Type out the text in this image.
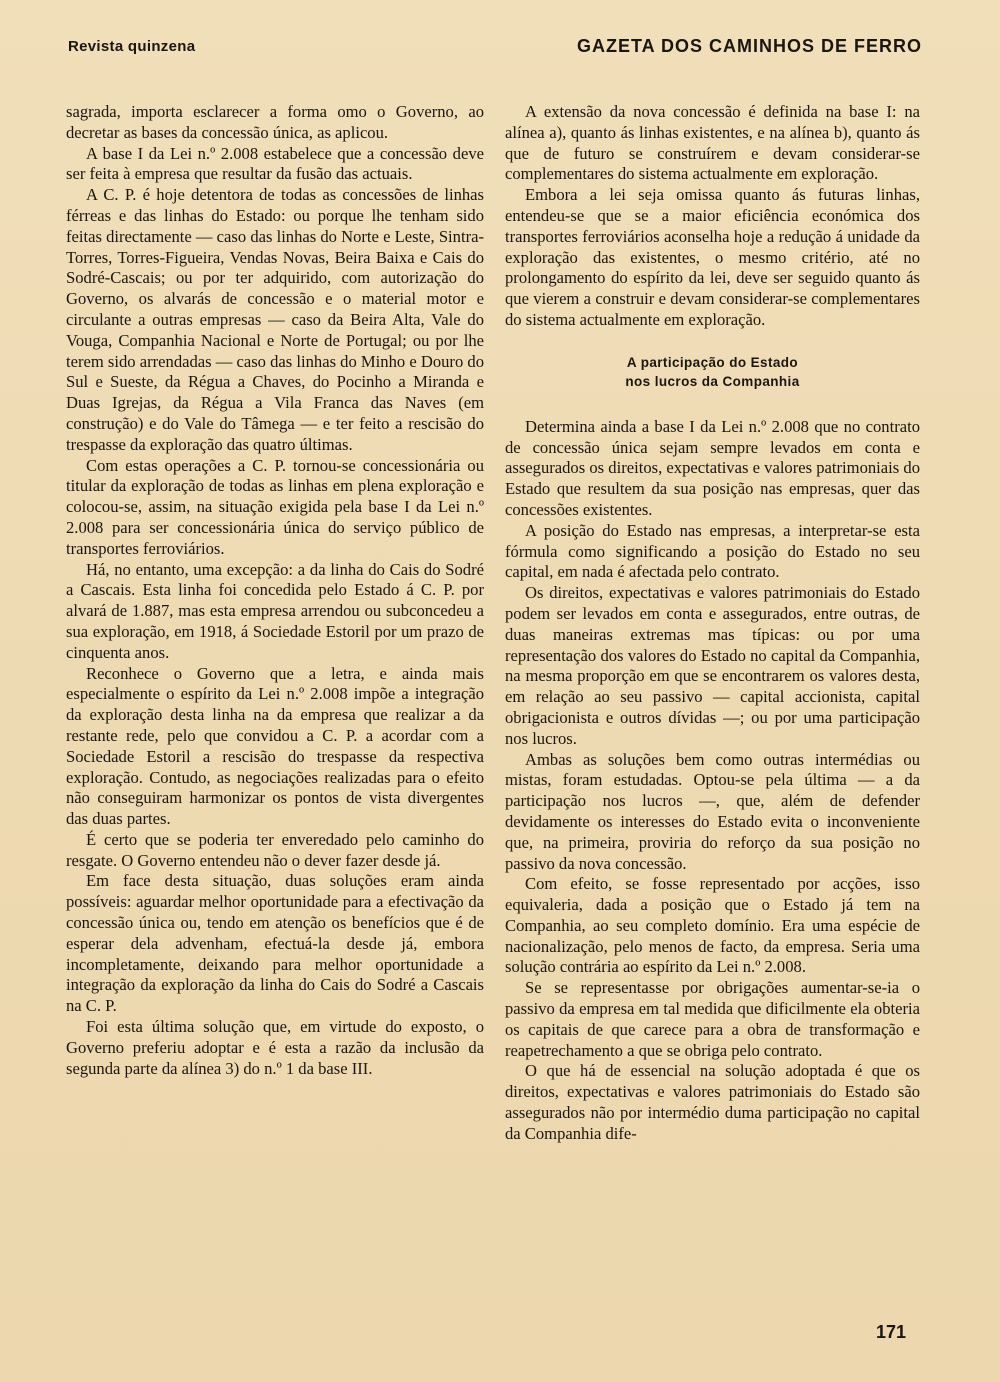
Revista quinzena	GAZETA DOS CAMINHOS DE FERRO

sagrada, importa esclarecer a forma omo o Governo, ao decretar as bases da concessão única, as aplicou.

A base I da Lei n.º 2.008 estabelece que a concessão deve ser feita à empresa que resultar da fusão das actuais.

A C. P. é hoje detentora de todas as concessões de linhas férreas e das linhas do Estado: ou porque lhe tenham sido feitas directamente — caso das linhas do Norte e Leste, Sintra-Torres, Torres-Figueira, Vendas Novas, Beira Baixa e Cais do Sodré-Cascais; ou por ter adquirido, com autorização do Governo, os alvarás de concessão e o material motor e circulante a outras empresas — caso da Beira Alta, Vale do Vouga, Companhia Nacional e Norte de Portugal; ou por lhe terem sido arrendadas — caso das linhas do Minho e Douro do Sul e Sueste, da Régua a Chaves, do Pocinho a Miranda e Duas Igrejas, da Régua a Vila Franca das Naves (em construção) e do Vale do Tâmega — e ter feito a rescisão do trespasse da exploração das quatro últimas.

Com estas operações a C. P. tornou-se concessionária ou titular da exploração de todas as linhas em plena exploração e colocou-se, assim, na situação exigida pela base I da Lei n.º 2.008 para ser concessionária única do serviço público de transportes ferroviários.

Há, no entanto, uma excepção: a da linha do Cais do Sodré a Cascais. Esta linha foi concedida pelo Estado á C. P. por alvará de 1.887, mas esta empresa arrendou ou subconcedeu a sua exploração, em 1918, á Sociedade Estoril por um prazo de cinquenta anos.

Reconhece o Governo que a letra, e ainda mais especialmente o espírito da Lei n.º 2.008 impõe a integração da exploração desta linha na da empresa que realizar a da restante rede, pelo que convidou a C. P. a acordar com a Sociedade Estoril a rescisão do trespasse da respectiva exploração. Contudo, as negociações realizadas para o efeito não conseguiram harmonizar os pontos de vista divergentes das duas partes.

É certo que se poderia ter enveredado pelo caminho do resgate. O Governo entendeu não o dever fazer desde já.

Em face desta situação, duas soluções eram ainda possíveis: aguardar melhor oportunidade para a efectivação da concessão única ou, tendo em atenção os benefícios que é de esperar dela advenham, efectuá-la desde já, embora incompletamente, deixando para melhor oportunidade a integração da exploração da linha do Cais do Sodré a Cascais na C. P.

Foi esta última solução que, em virtude do exposto, o Governo preferiu adoptar e é esta a razão da inclusão da segunda parte da alínea 3) do n.º 1 da base III.

A extensão da nova concessão é definida na base I: na alínea a), quanto ás linhas existentes, e na alínea b), quanto ás que de futuro se construírem e devam considerar-se complementares do sistema actualmente em exploração.

Embora a lei seja omissa quanto ás futuras linhas, entendeu-se que se a maior eficiência económica dos transportes ferroviários aconselha hoje a redução á unidade da exploração das existentes, o mesmo critério, até no prolongamento do espírito da lei, deve ser seguido quanto ás que vierem a construir e devam considerar-se complementares do sistema actualmente em exploração.

A participação do Estado
nos lucros da Companhia

Determina ainda a base I da Lei n.º 2.008 que no contrato de concessão única sejam sempre levados em conta e assegurados os direitos, expectativas e valores patrimoniais do Estado que resultem da sua posição nas empresas, quer das concessões existentes.

A posição do Estado nas empresas, a interpretar-se esta fórmula como significando a posição do Estado no seu capital, em nada é afectada pelo contrato.

Os direitos, expectativas e valores patrimoniais do Estado podem ser levados em conta e assegurados, entre outras, de duas maneiras extremas mas típicas: ou por uma representação dos valores do Estado no capital da Companhia, na mesma proporção em que se encontrarem os valores desta, em relação ao seu passivo — capital accionista, capital obrigacionista e outros dívidas —; ou por uma participação nos lucros.

Ambas as soluções bem como outras intermédias ou mistas, foram estudadas. Optou-se pela última — a da participação nos lucros —, que, além de defender devidamente os interesses do Estado evita o inconveniente que, na primeira, proviria do reforço da sua posição no passivo da nova concessão.

Com efeito, se fosse representado por acções, isso equivaleria, dada a posição que o Estado já tem na Companhia, ao seu completo domínio. Era uma espécie de nacionalização, pelo menos de facto, da empresa. Seria uma solução contrária ao espírito da Lei n.º 2.008.

Se se representasse por obrigações aumentar-se-ia o passivo da empresa em tal medida que dificilmente ela obteria os capitais de que carece para a obra de transformação e reapetrechamento a que se obriga pelo contrato.

O que há de essencial na solução adoptada é que os direitos, expectativas e valores patrimoniais do Estado são assegurados não por intermédio duma participação no capital da Companhia dife-

171
